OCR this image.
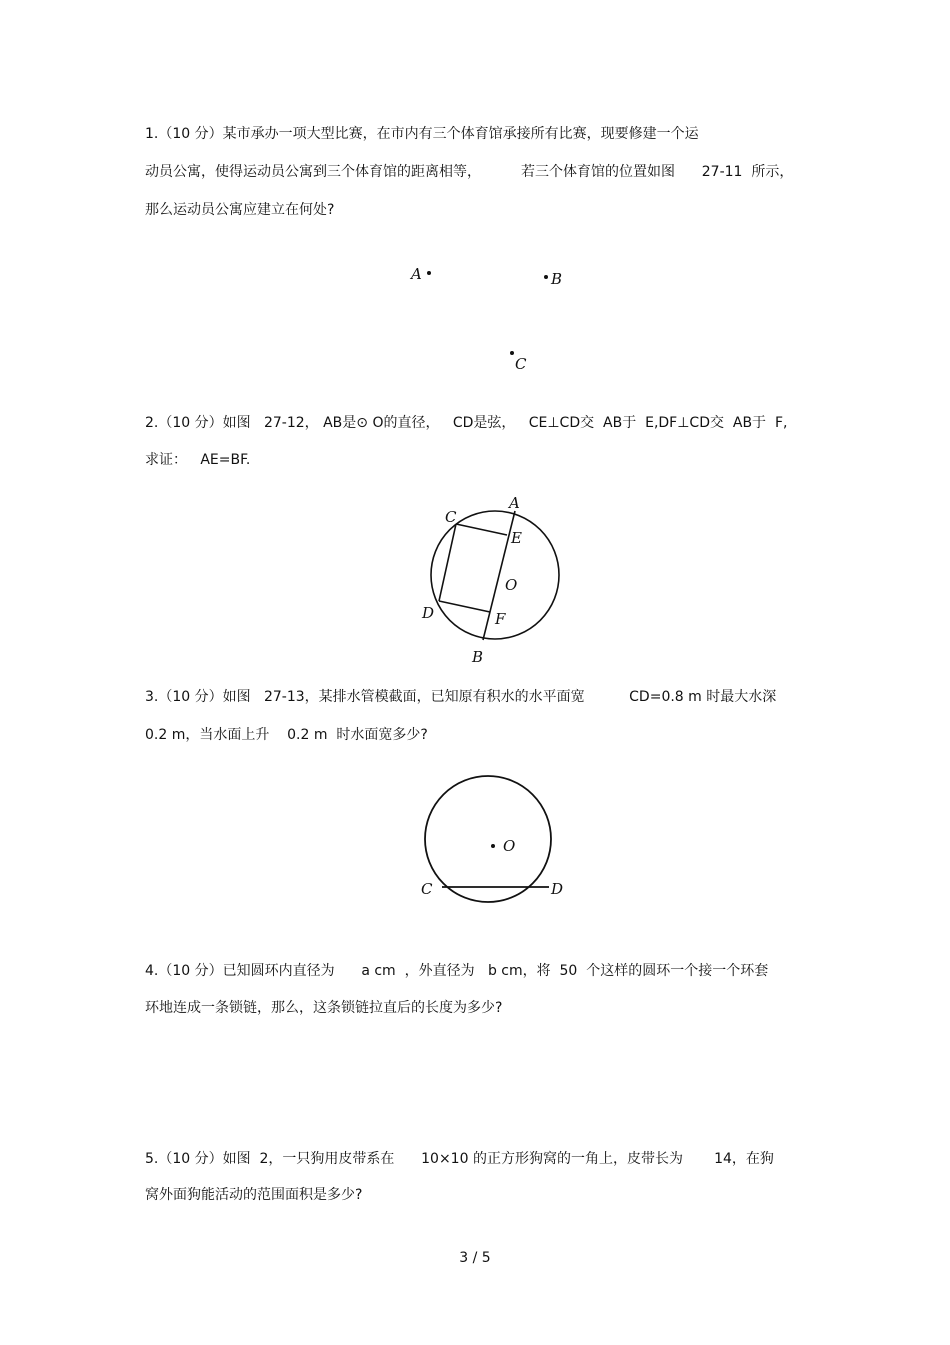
1.（10 分）某市承办一项大型比赛，在市内有三个体育馆承接所有比赛，现要修建一个运
动员公寓，使得运动员公寓到三个体育馆的距离相等，         若三个体育馆的位置如图      27-11  所示，
那么运动员公寓应建立在何处?
A	B
C
2.（10 分）如图   27-12， AB是⊙ O的直径，   CD是弦，   CE⊥CD交  AB于  E,DF⊥CD交  AB于  F,
求证：   AE=BF.
A
C
E
O
D	F
B
3.（10 分）如图   27-13，某排水管模截面，已知原有积水的水平面宽          CD=0.8 m 时最大水深
0.2 m，当水面上升    0.2 m  时水面宽多少?
O
C	D
4.（10 分）已知圆环内直径为      a cm  ，外直径为   b cm，将  50  个这样的圆环一个接一个环套
环地连成一条锁链，那么，这条锁链拉直后的长度为多少?
5.（10 分）如图  2，一只狗用皮带系在      10×10 的正方形狗窝的一角上，皮带长为       14，在狗
窝外面狗能活动的范围面积是多少?
3 / 5
